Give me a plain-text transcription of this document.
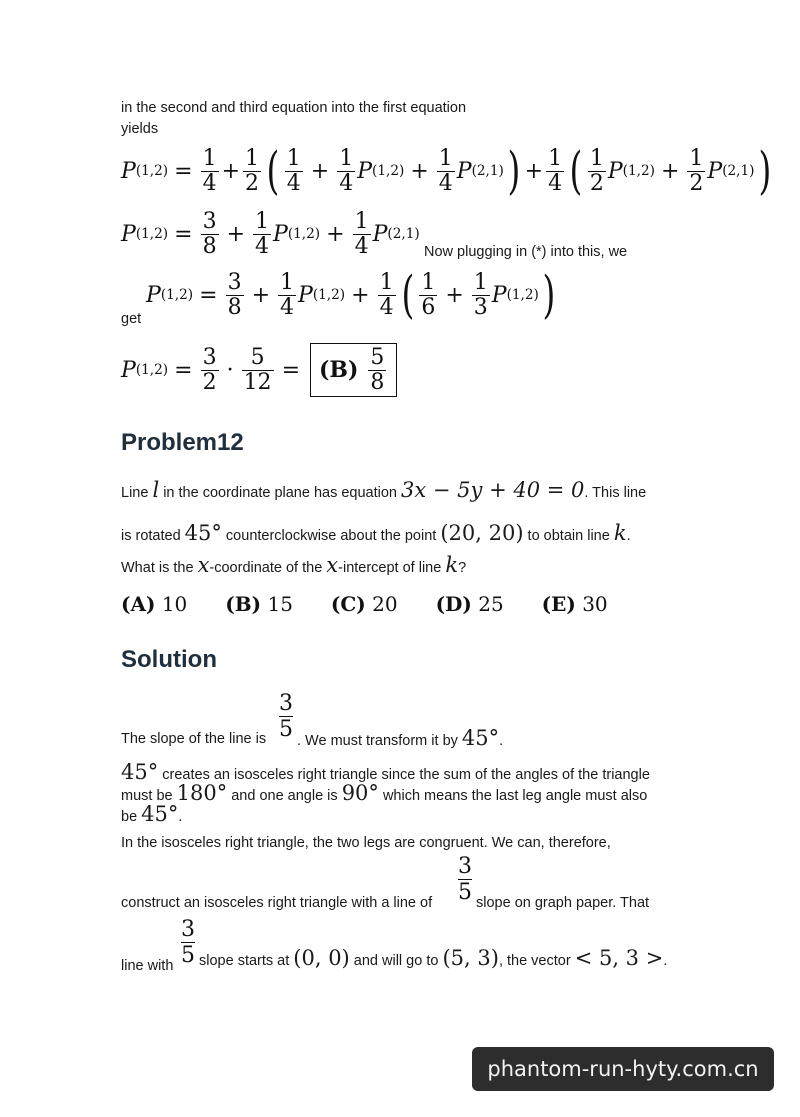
in the second and third equation into the first equation
yields
P $(1,2) = \frac{1}{4} + \frac{1}{2}$ ( $\frac{1}{4} + \frac{1}{4}$ P $(1,2) + \frac{1}{4}$ P (2,1) ) + $\frac{1}{4}$ ( $\frac{1}{2}$ P $(1,2) + \frac{1}{2}$ P (2,1) )
P $(1,2) = \frac{3}{8} + \frac{1}{4}$ P $(1,2) + \frac{1}{4}$ P (2,1)
Now plugging in (*) into this, we
get
P $(1,2) = \frac{3}{8} + \frac{1}{4}$ P $(1,2) + \frac{1}{4}$ ( $\frac{1}{6} + \frac{1}{3}$ P (1,2) )
P $(1,2) = \frac{3}{2} \cdot \frac{5}{12} = (B) \frac{5}{8}$
Problem12
Line l in the coordinate plane has equation 3x − 5y + 40 = 0. This line
is rotated 45° counterclockwise about the point (20, 20) to obtain line k.
What is the x-coordinate of the x-intercept of line k?
(A) 10 (B) 15 (C) 20 (D) 25 (E) 30
Solution
3
5
The slope of the line is . We must transform it by 45°.
45° creates an isosceles right triangle since the sum of the angles of the triangle
must be 180° and one angle is 90° which means the last leg angle must also
be 45°.
In the isosceles right triangle, the two legs are congruent. We can, therefore,
3
5
construct an isosceles right triangle with a line of	slope on graph paper. That
3
5
line with slope starts at (0, 0) and will go to (5, 3), the vector < 5, 3 >.
phantom-run-hyty.com.cn
